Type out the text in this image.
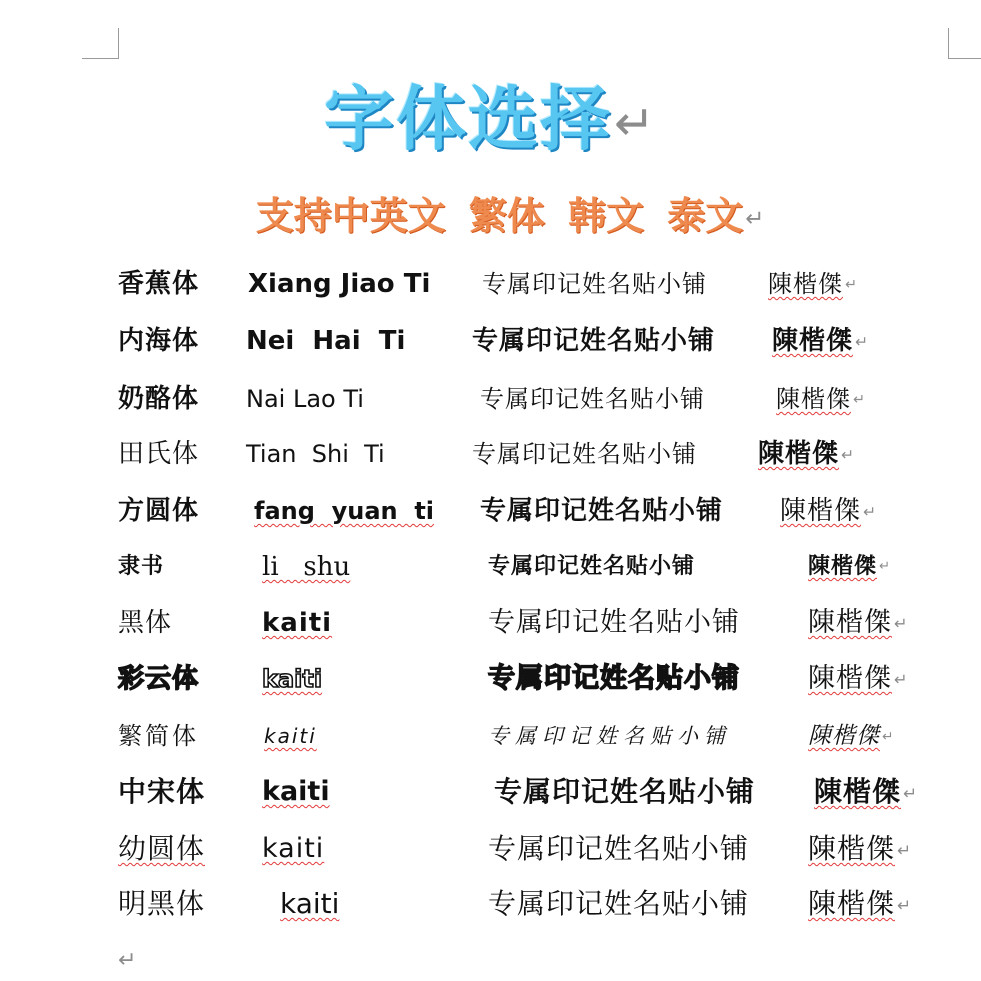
字体选择↵
支持中英文 繁体 韩文 泰文↵
香蕉体 Xiang Jiao Ti 专属印记姓名贴小铺	陳楷傑 ↵
内海体 Nei  Hai  Ti	专属印记姓名贴小铺 陳楷傑 ↵
奶酪体 Nai Lao Ti	专属印记姓名贴小铺	陳楷傑 ↵
田氏体 Tian  Shi  Ti	专属印记姓名贴小铺 陳楷傑 ↵
方圆体 fang  yuan  ti 专属印记姓名贴小铺 陳楷傑 ↵
隶书	li   shu	专属印记姓名贴小铺	陳楷傑 ↵
黑体	kaiti	专属印记姓名贴小铺	陳楷傑 ↵
彩云体	kaiti	专属印记姓名贴小铺	陳楷傑 ↵
繁简体	kaiti	专属印记姓名贴小铺	陳楷傑 ↵
中宋体 kaiti	专属印记姓名贴小铺 陳楷傑 ↵
幼圆体 kaiti	专属印记姓名贴小铺 陳楷傑 ↵
明黑体	kaiti	专属印记姓名贴小铺 陳楷傑 ↵
↵
